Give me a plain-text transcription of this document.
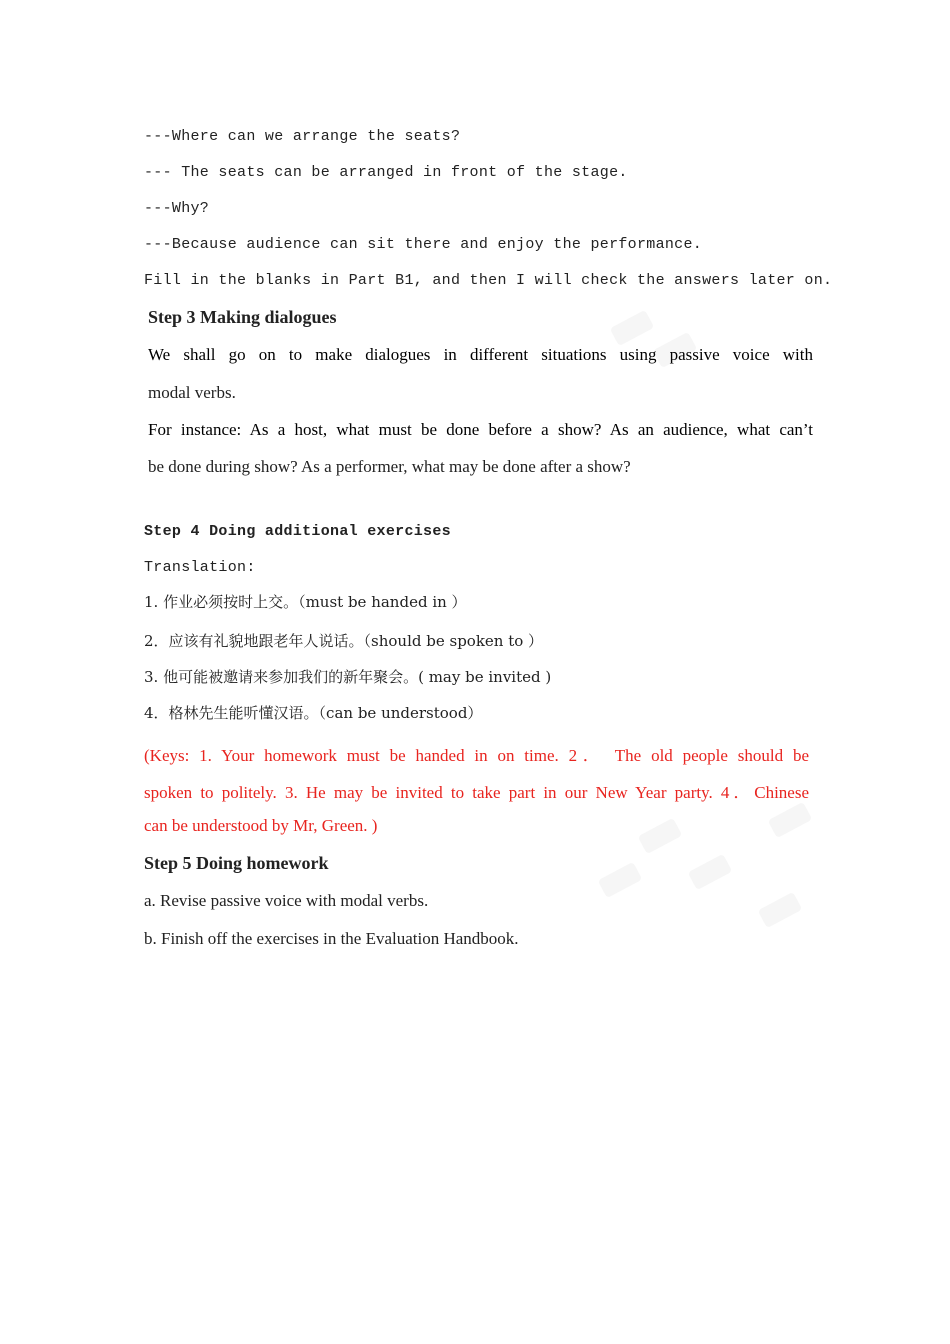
---Where can we arrange the seats?
--- The seats can be arranged in front of the stage.
---Why?
---Because audience can sit there and enjoy the performance.
Fill in the blanks in Part B1, and then I will check the answers later on.
Step 3 Making dialogues
We shall go on to make dialogues in different situations using passive voice with
modal verbs.
For instance: As a host, what must be done before a show? As an audience, what can’t
be done during show? As a performer, what may be done after a show?
Step 4 Doing additional exercises
Translation:
1. 作业必须按时上交。（must be handed in ）
2．应该有礼貌地跟老年人说话。（should be spoken to ）
3. 他可能被邀请来参加我们的新年聚会。( may be invited )
4．格林先生能听懂汉语。（can be understood）
(Keys: 1. Your homework must be handed in on time. 2． The old people should be
spoken to politely. 3. He may be invited to take part in our New Year party. 4．Chinese
can be understood by Mr, Green. )
Step 5 Doing homework
a. Revise passive voice with modal verbs.
b. Finish off the exercises in the Evaluation Handbook.
